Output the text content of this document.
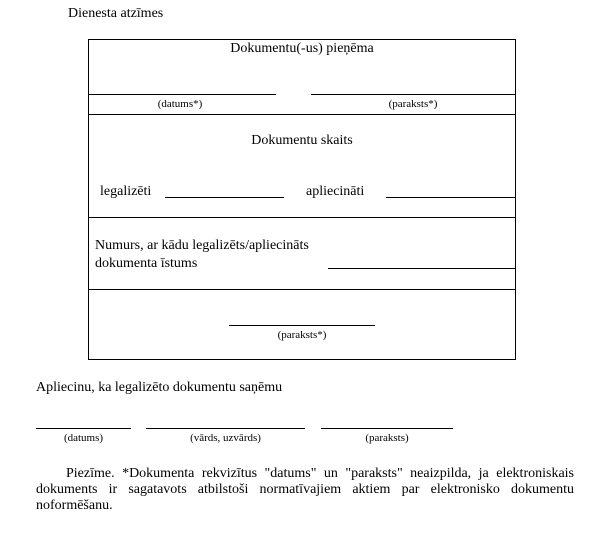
Dienesta atzīmes
Dokumentu(-us) pieņēma
(datums*)	(paraksts*)
Dokumentu skaits
legalizēti	apliecināti
Numurs, ar kādu legalizēts/apliecināts
dokumenta īstums
(paraksts*)
Apliecinu, ka legalizēto dokumentu saņēmu
(datums)	(vārds, uzvārds)	(paraksts)
Piezīme. *Dokumenta rekvizītus "datums" un "paraksts" neaizpilda, ja elektroniskais dokuments ir sagatavots atbilstoši normatīvajiem aktiem par elektronisko dokumentu noformēšanu.
